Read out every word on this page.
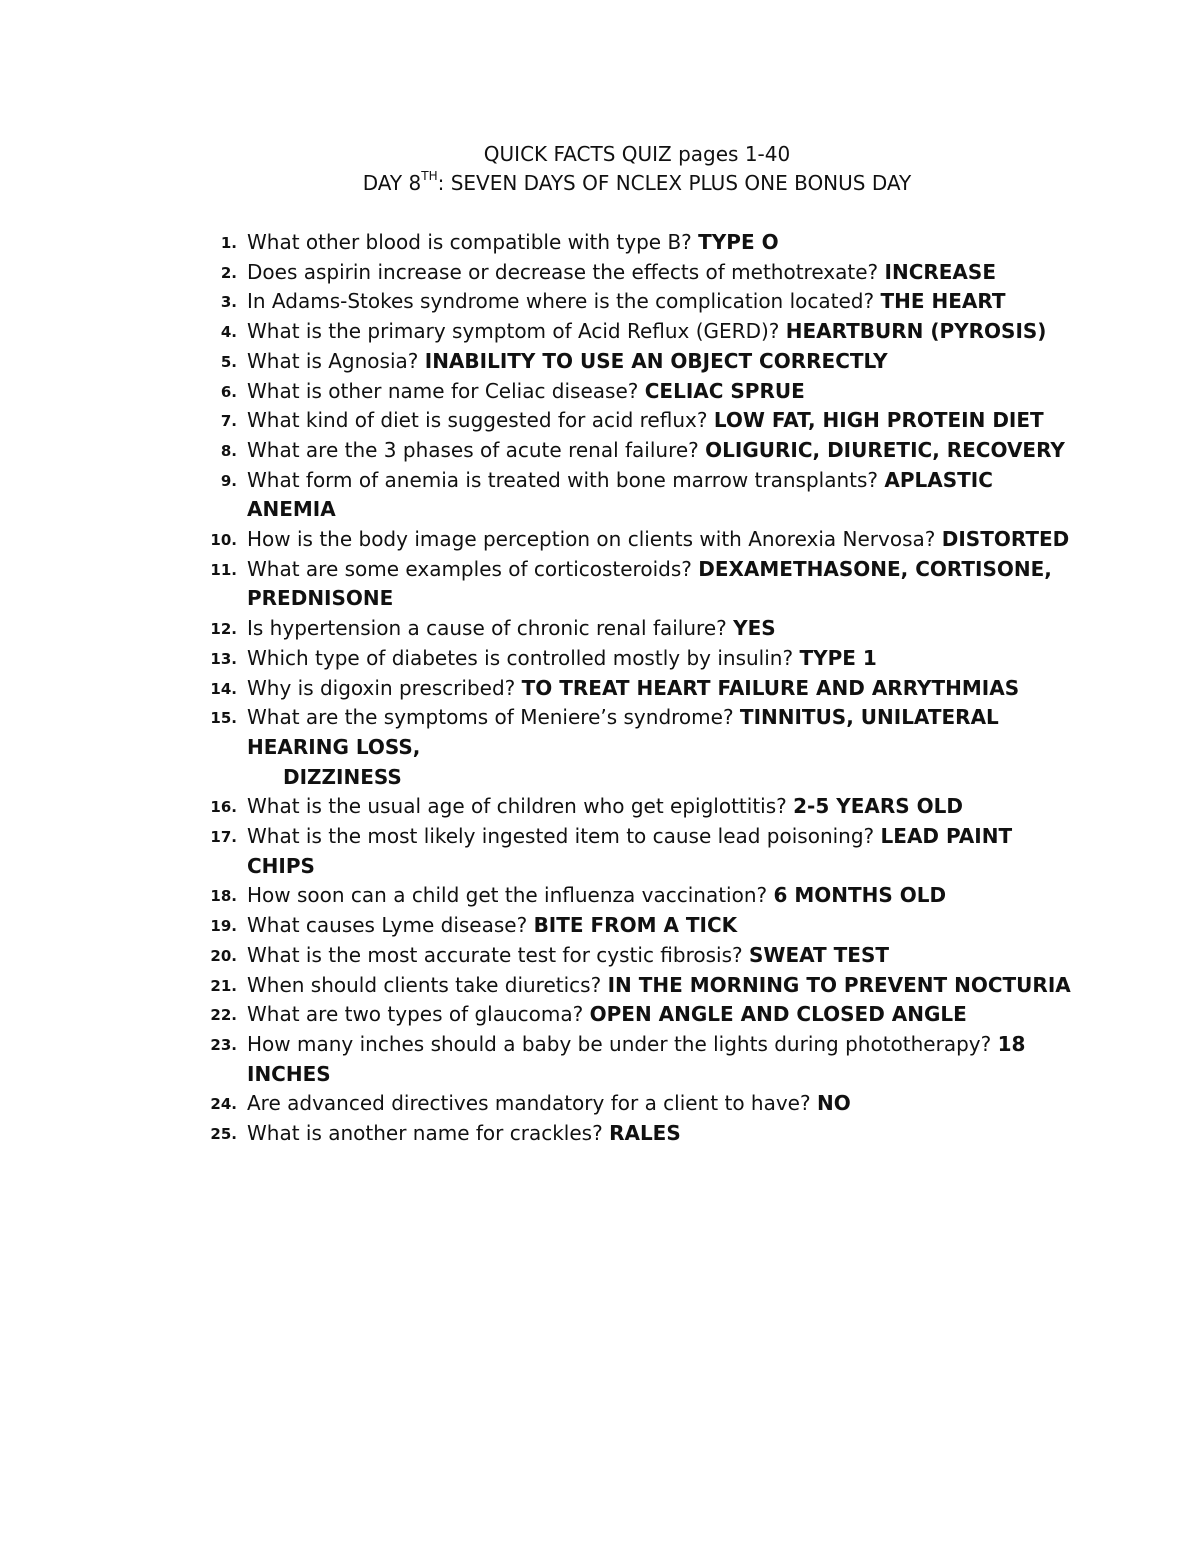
QUICK FACTS QUIZ pages 1-40
DAY 8TH: SEVEN DAYS OF NCLEX PLUS ONE BONUS DAY
1. What other blood is compatible with type B? TYPE O
2. Does aspirin increase or decrease the effects of methotrexate? INCREASE
3. In Adams-Stokes syndrome where is the complication located? THE HEART
4. What is the primary symptom of Acid Reflux (GERD)? HEARTBURN (PYROSIS)
5. What is Agnosia? INABILITY TO USE AN OBJECT CORRECTLY
6. What is other name for Celiac disease? CELIAC SPRUE
7. What kind of diet is suggested for acid reflux? LOW FAT, HIGH PROTEIN DIET
8. What are the 3 phases of acute renal failure? OLIGURIC, DIURETIC, RECOVERY
9. What form of anemia is treated with bone marrow transplants? APLASTIC ANEMIA
10. How is the body image perception on clients with Anorexia Nervosa? DISTORTED
11. What are some examples of corticosteroids? DEXAMETHASONE, CORTISONE, PREDNISONE
12. Is hypertension a cause of chronic renal failure? YES
13. Which type of diabetes is controlled mostly by insulin? TYPE 1
14. Why is digoxin prescribed? TO TREAT HEART FAILURE AND ARRYTHMIAS
15. What are the symptoms of Meniere’s syndrome? TINNITUS, UNILATERAL HEARING LOSS,
DIZZINESS
16. What is the usual age of children who get epiglottitis? 2-5 YEARS OLD
17. What is the most likely ingested item to cause lead poisoning? LEAD PAINT CHIPS
18. How soon can a child get the influenza vaccination? 6 MONTHS OLD
19. What causes Lyme disease? BITE FROM A TICK
20. What is the most accurate test for cystic fibrosis? SWEAT TEST
21. When should clients take diuretics? IN THE MORNING TO PREVENT NOCTURIA
22. What are two types of glaucoma? OPEN ANGLE AND CLOSED ANGLE
23. How many inches should a baby be under the lights during phototherapy? 18 INCHES
24. Are advanced directives mandatory for a client to have? NO
25. What is another name for crackles? RALES
